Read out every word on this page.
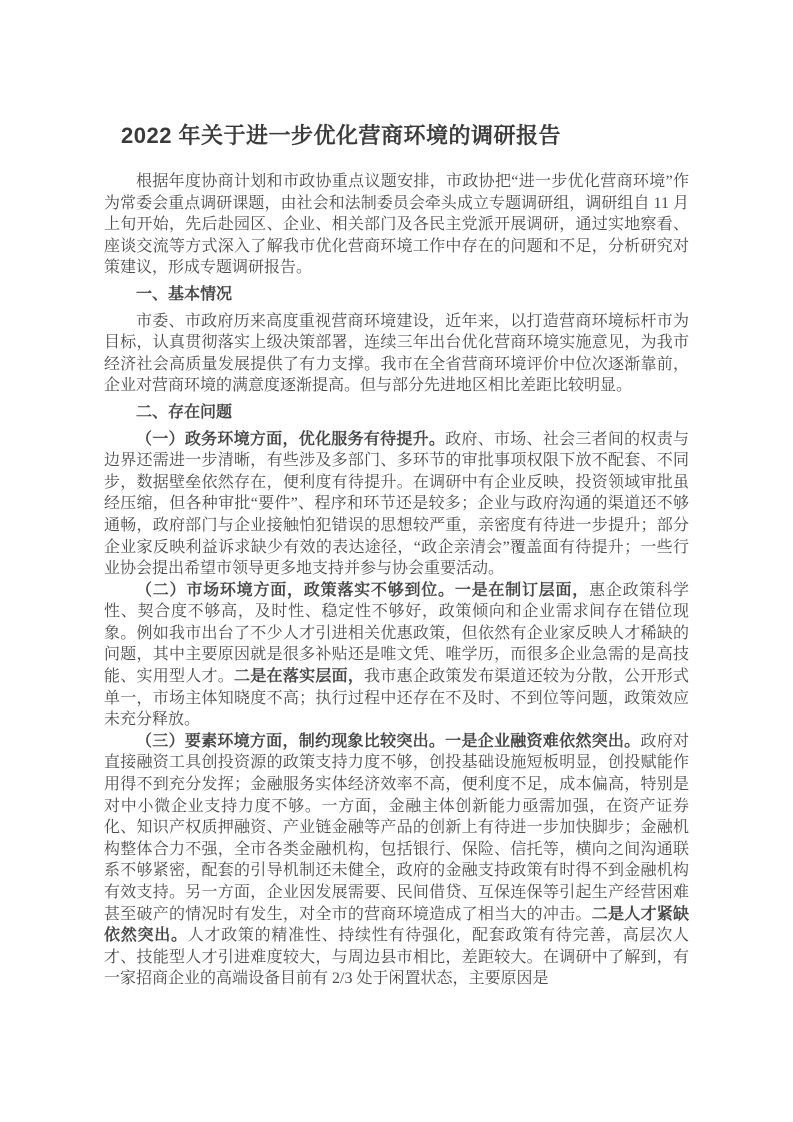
2022 年关于进一步优化营商环境的调研报告

根据年度协商计划和市政协重点议题安排，市政协把“进一步优化营商环境”作为常委会重点调研课题，由社会和法制委员会牵头成立专题调研组，调研组自 11 月上旬开始，先后赴园区、企业、相关部门及各民主党派开展调研，通过实地察看、座谈交流等方式深入了解我市优化营商环境工作中存在的问题和不足，分析研究对策建议，形成专题调研报告。

一、基本情况

市委、市政府历来高度重视营商环境建设，近年来，以打造营商环境标杆市为目标，认真贯彻落实上级决策部署，连续三年出台优化营商环境实施意见，为我市经济社会高质量发展提供了有力支撑。我市在全省营商环境评价中位次逐渐靠前，企业对营商环境的满意度逐渐提高。但与部分先进地区相比差距比较明显。

二、存在问题

（一）政务环境方面，优化服务有待提升。政府、市场、社会三者间的权责与边界还需进一步清晰，有些涉及多部门、多环节的审批事项权限下放不配套、不同步，数据壁垒依然存在，便利度有待提升。在调研中有企业反映，投资领域审批虽经压缩，但各种审批“要件”、程序和环节还是较多；企业与政府沟通的渠道还不够通畅，政府部门与企业接触怕犯错误的思想较严重，亲密度有待进一步提升；部分企业家反映利益诉求缺少有效的表达途径，“政企亲清会”覆盖面有待提升；一些行业协会提出希望市领导更多地支持并参与协会重要活动。

（二）市场环境方面，政策落实不够到位。一是在制订层面，惠企政策科学性、契合度不够高，及时性、稳定性不够好，政策倾向和企业需求间存在错位现象。例如我市出台了不少人才引进相关优惠政策，但依然有企业家反映人才稀缺的问题，其中主要原因就是很多补贴还是唯文凭、唯学历，而很多企业急需的是高技能、实用型人才。二是在落实层面，我市惠企政策发布渠道还较为分散，公开形式单一，市场主体知晓度不高；执行过程中还存在不及时、不到位等问题，政策效应未充分释放。

（三）要素环境方面，制约现象比较突出。一是企业融资难依然突出。政府对直接融资工具创投资源的政策支持力度不够，创投基础设施短板明显，创投赋能作用得不到充分发挥；金融服务实体经济效率不高，便利度不足，成本偏高，特别是对中小微企业支持力度不够。一方面，金融主体创新能力亟需加强，在资产证券化、知识产权质押融资、产业链金融等产品的创新上有待进一步加快脚步；金融机构整体合力不强，全市各类金融机构，包括银行、保险、信托等，横向之间沟通联系不够紧密，配套的引导机制还未健全，政府的金融支持政策有时得不到金融机构有效支持。另一方面，企业因发展需要、民间借贷、互保连保等引起生产经营困难甚至破产的情况时有发生，对全市的营商环境造成了相当大的冲击。二是人才紧缺依然突出。人才政策的精准性、持续性有待强化，配套政策有待完善，高层次人才、技能型人才引进难度较大，与周边县市相比，差距较大。在调研中了解到，有一家招商企业的高端设备目前有 2/3 处于闲置状态，主要原因是
